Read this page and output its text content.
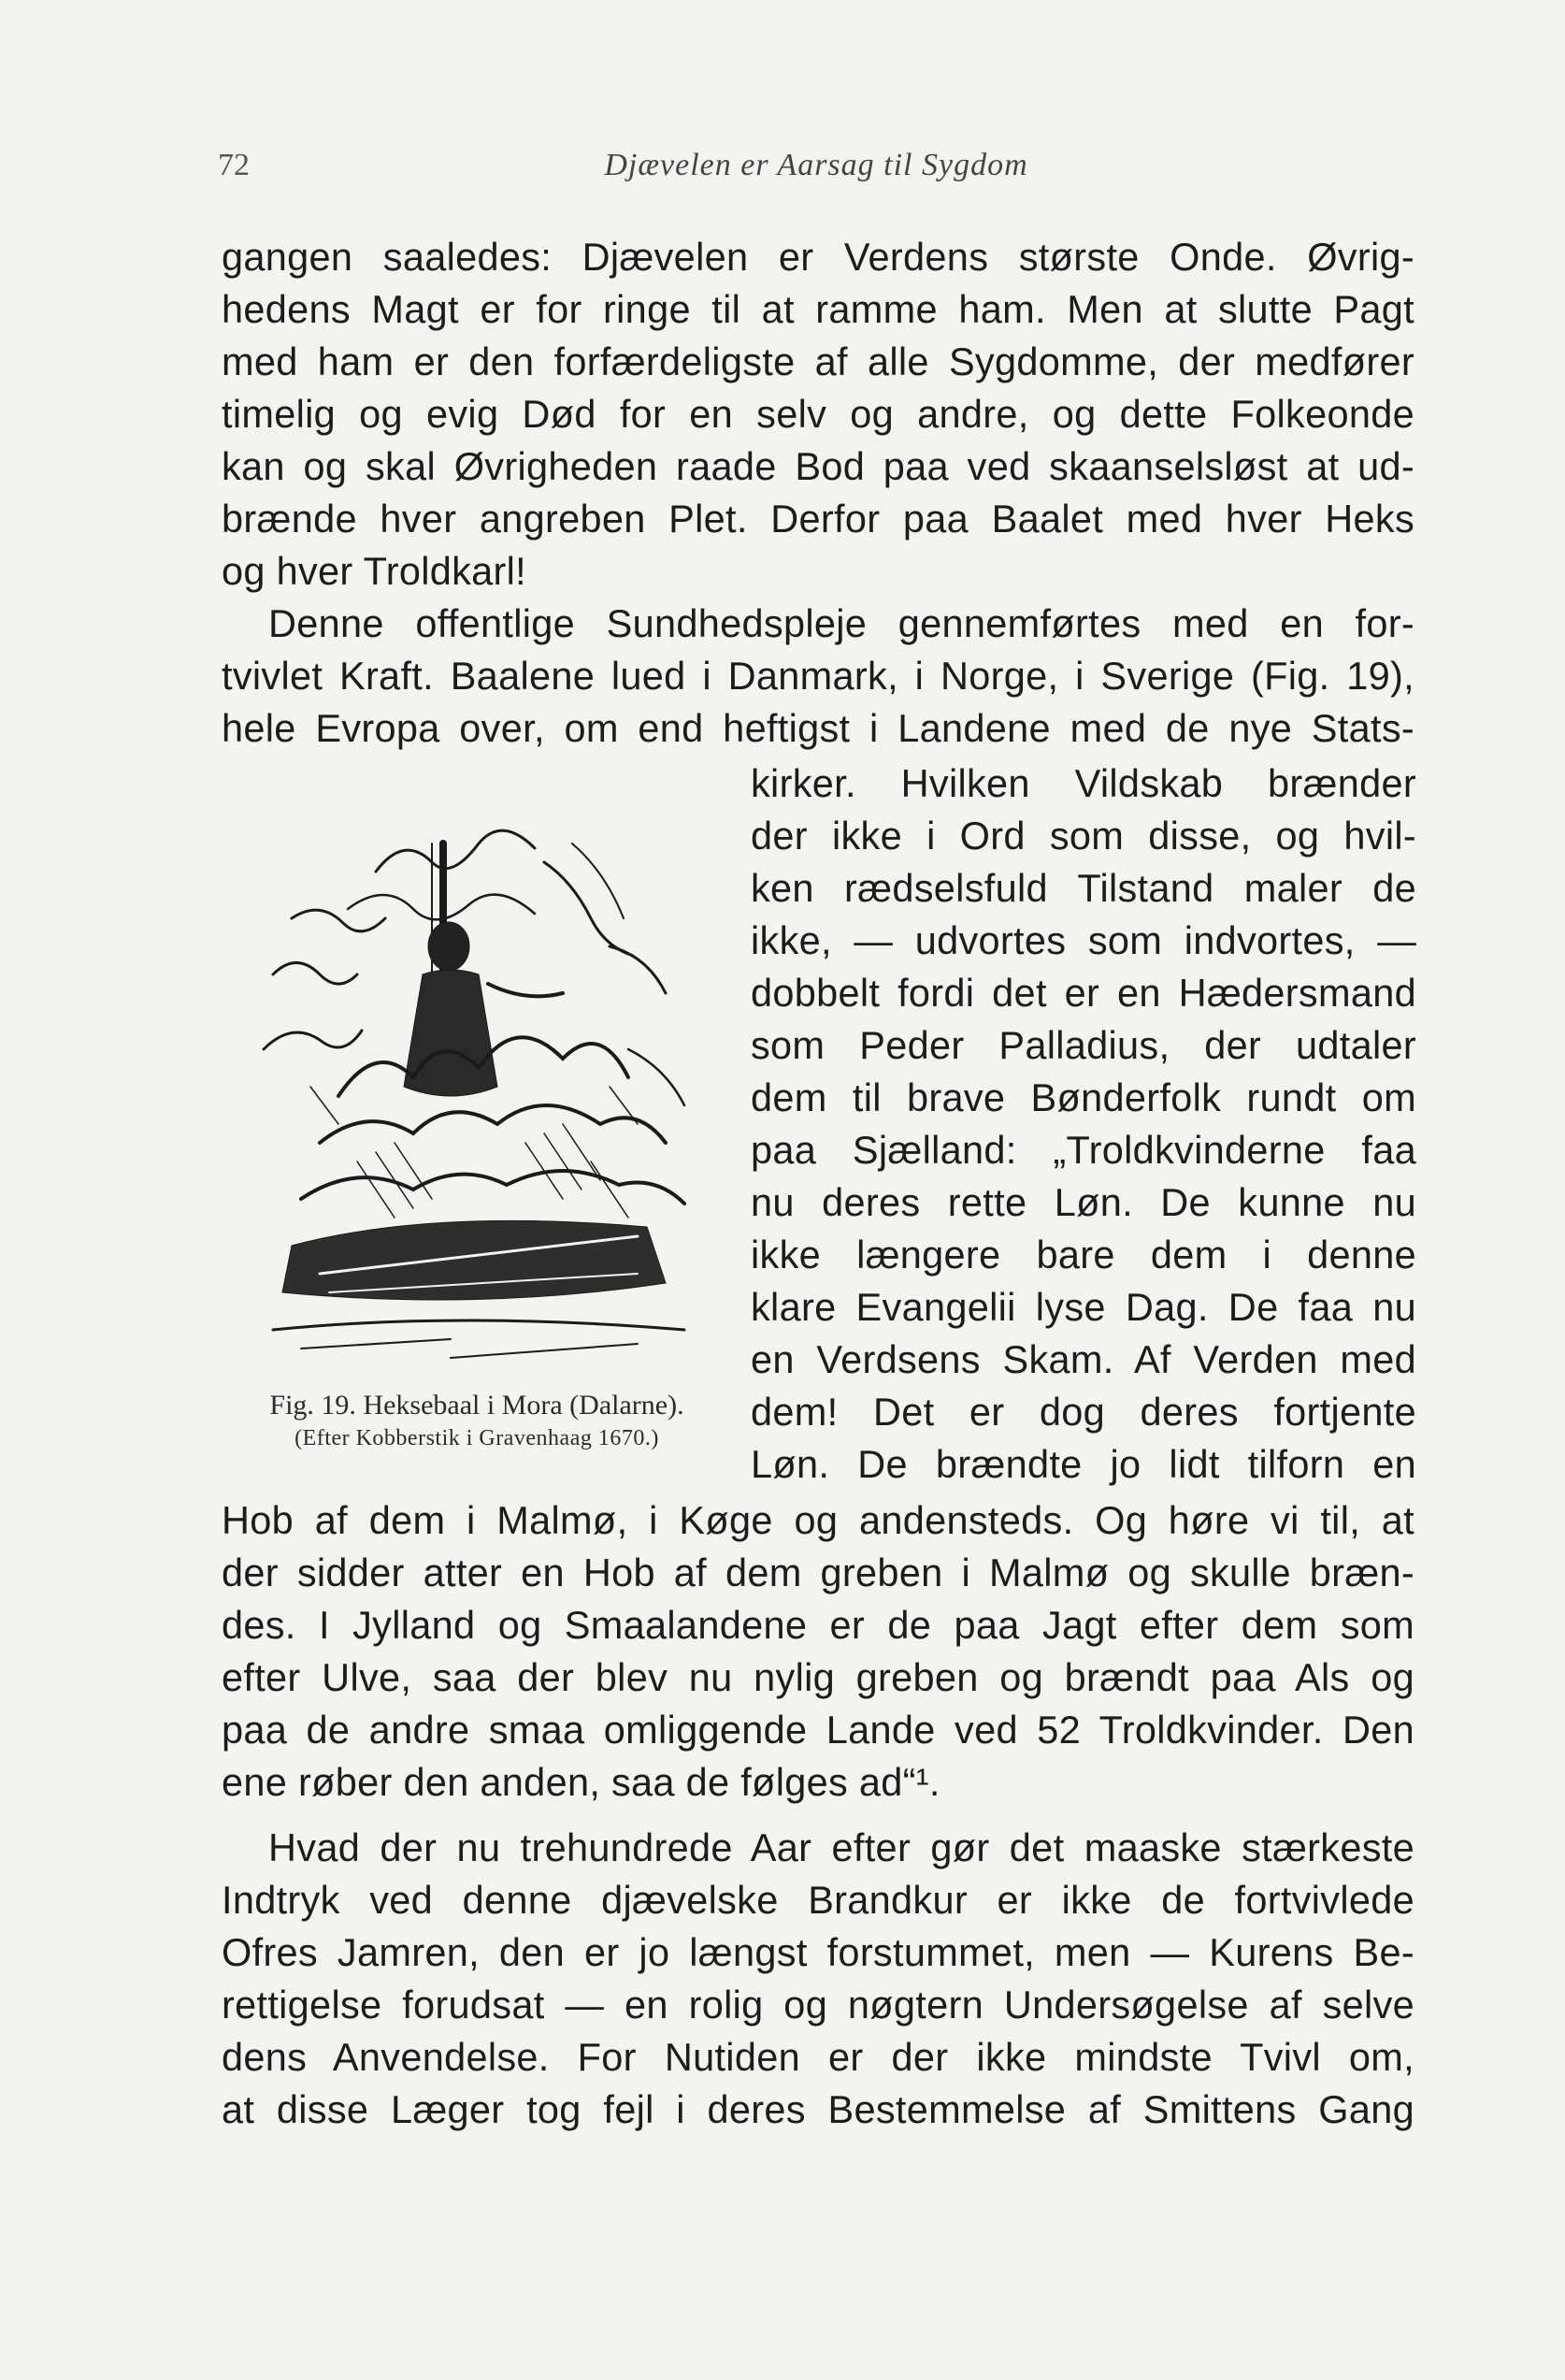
72	Djævelen er Aarsag til Sygdom
gangen saaledes: Djævelen er Verdens største Onde. Øvrig-
hedens Magt er for ringe til at ramme ham. Men at slutte Pagt
med ham er den forfærdeligste af alle Sygdomme, der medfører
timelig og evig Død for en selv og andre, og dette Folkeonde
kan og skal Øvrigheden raade Bod paa ved skaanselsløst at ud-
brænde hver angreben Plet. Derfor paa Baalet med hver Heks
og hver Troldkarl!
Denne offentlige Sundhedspleje gennemførtes med en for-
tvivlet Kraft. Baalene lued i Danmark, i Norge, i Sverige (Fig. 19),
hele Evropa over, om end heftigst i Landene med de nye Stats-
kirker. Hvilken Vildskab brænder
der ikke i Ord som disse, og hvil-
ken rædselsfuld Tilstand maler de
ikke, — udvortes som indvortes, —
dobbelt fordi det er en Hædersmand
som Peder Palladius, der udtaler
dem til brave Bønderfolk rundt om
paa Sjælland: „Troldkvinderne faa
nu deres rette Løn. De kunne nu
ikke længere bare dem i denne
klare Evangelii lyse Dag. De faa nu
en Verdsens Skam. Af Verden med
dem! Det er dog deres fortjente
Løn. De brændte jo lidt tilforn en
Fig. 19. Heksebaal i Mora (Dalarne).
(Efter Kobberstik i Gravenhaag 1670.)
Hob af dem i Malmø, i Køge og andensteds. Og høre vi til, at
der sidder atter en Hob af dem greben i Malmø og skulle bræn-
des. I Jylland og Smaalandene er de paa Jagt efter dem som
efter Ulve, saa der blev nu nylig greben og brændt paa Als og
paa de andre smaa omliggende Lande ved 52 Troldkvinder. Den
ene røber den anden, saa de følges ad“¹.
Hvad der nu trehundrede Aar efter gør det maaske stærkeste
Indtryk ved denne djævelske Brandkur er ikke de fortvivlede
Ofres Jamren, den er jo længst forstummet, men — Kurens Be-
rettigelse forudsat — en rolig og nøgtern Undersøgelse af selve
dens Anvendelse. For Nutiden er der ikke mindste Tvivl om,
at disse Læger tog fejl i deres Bestemmelse af Smittens Gang
